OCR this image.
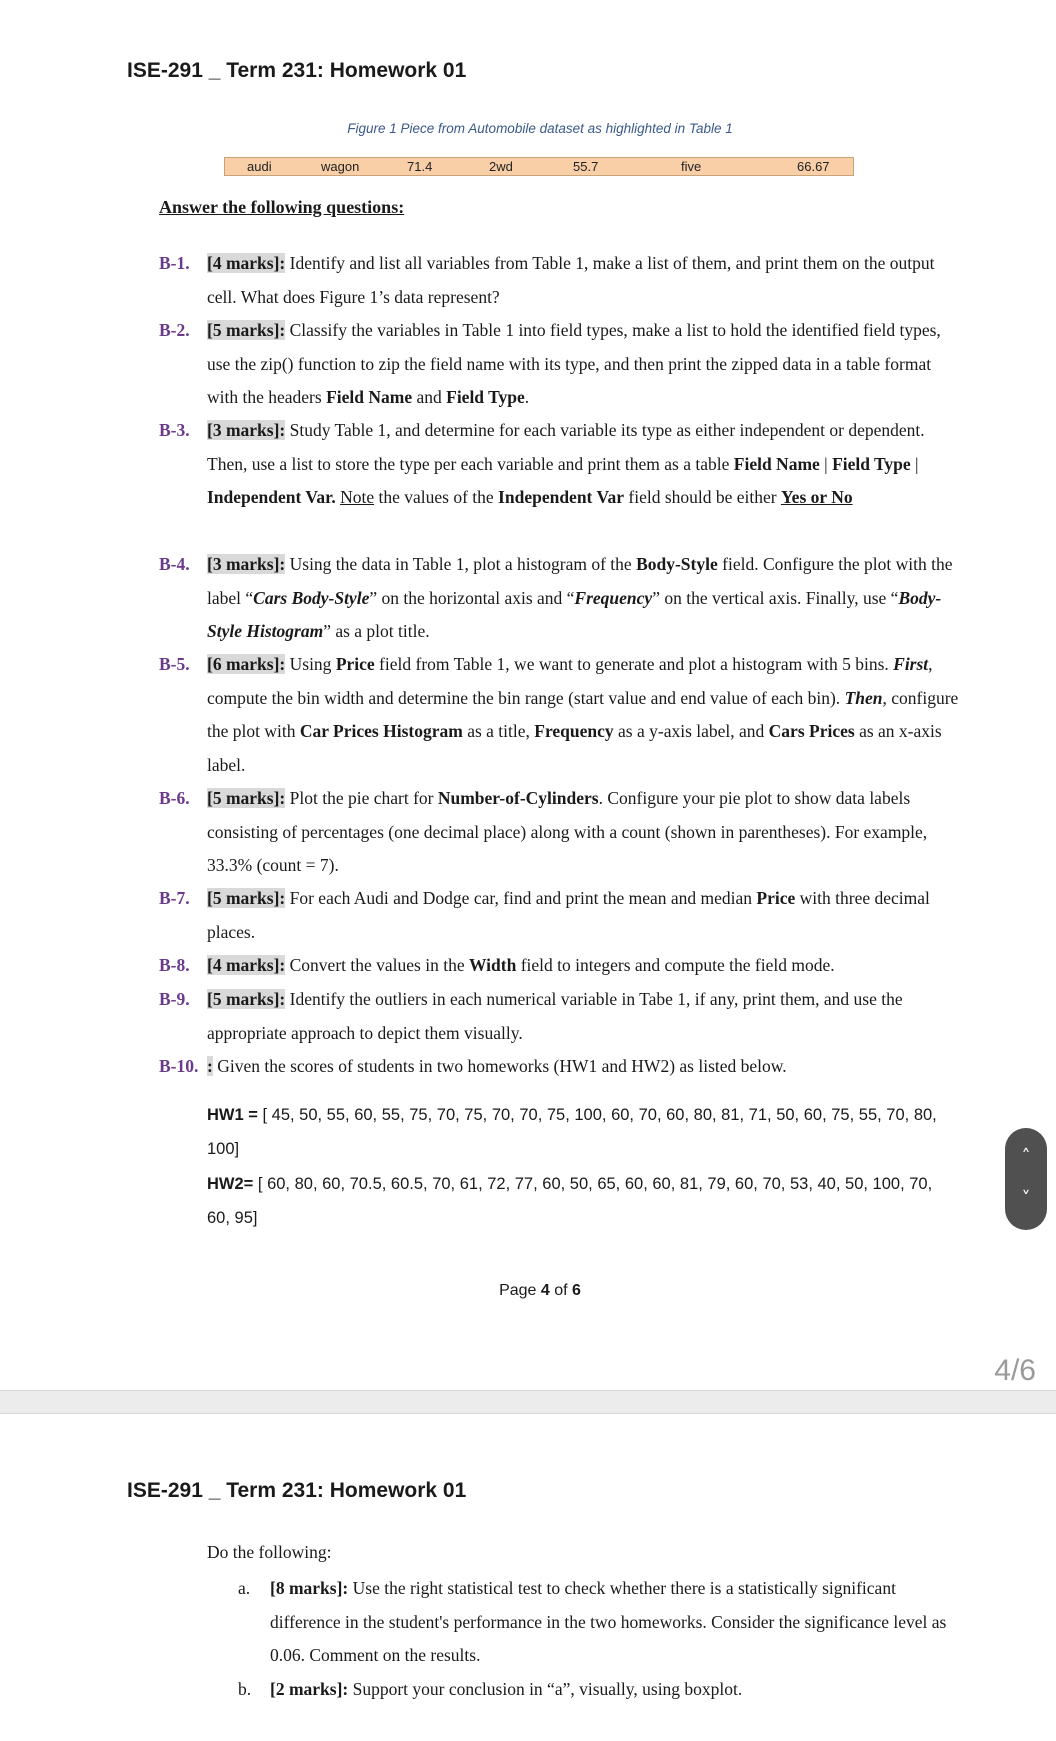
ISE-291 _ Term 231: Homework 01
Figure 1 Piece from Automobile dataset as highlighted in Table 1
audi	wagon	71.4	2wd	55.7	five	66.67
Answer the following questions:
B-1. [4 marks]: Identify and list all variables from Table 1, make a list of them, and print them on the output cell. What does Figure 1’s data represent?
B-2. [5 marks]: Classify the variables in Table 1 into field types, make a list to hold the identified field types, use the zip() function to zip the field name with its type, and then print the zipped data in a table format with the headers Field Name and Field Type.
B-3. [3 marks]: Study Table 1, and determine for each variable its type as either independent or dependent. Then, use a list to store the type per each variable and print them as a table Field Name | Field Type | Independent Var. Note the values of the Independent Var field should be either Yes or No
B-4. [3 marks]: Using the data in Table 1, plot a histogram of the Body-Style field. Configure the plot with the label “Cars Body-Style” on the horizontal axis and “Frequency” on the vertical axis. Finally, use “Body-Style Histogram” as a plot title.
B-5. [6 marks]: Using Price field from Table 1, we want to generate and plot a histogram with 5 bins. First, compute the bin width and determine the bin range (start value and end value of each bin). Then, configure the plot with Car Prices Histogram as a title, Frequency as a y-axis label, and Cars Prices as an x-axis label.
B-6. [5 marks]: Plot the pie chart for Number-of-Cylinders. Configure your pie plot to show data labels consisting of percentages (one decimal place) along with a count (shown in parentheses). For example, 33.3% (count = 7).
B-7. [5 marks]: For each Audi and Dodge car, find and print the mean and median Price with three decimal places.
B-8. [4 marks]: Convert the values in the Width field to integers and compute the field mode.
B-9. [5 marks]: Identify the outliers in each numerical variable in Tabe 1, if any, print them, and use the appropriate approach to depict them visually.
B-10. : Given the scores of students in two homeworks (HW1 and HW2) as listed below.
HW1 = [ 45, 50, 55, 60, 55, 75, 70, 75, 70, 70, 75, 100, 60, 70, 60, 80, 81, 71, 50, 60, 75, 55, 70, 80, 100]
HW2= [ 60, 80, 60, 70.5, 60.5, 70, 61, 72, 77, 60, 50, 65, 60, 60, 81, 79, 60, 70, 53, 40, 50, 100, 70, 60, 95]
Page 4 of 6
4/6
˄
˅
ISE-291 _ Term 231: Homework 01
Do the following:
a. [8 marks]: Use the right statistical test to check whether there is a statistically significant difference in the student's performance in the two homeworks. Consider the significance level as 0.06. Comment on the results.
b. [2 marks]: Support your conclusion in “a”, visually, using boxplot.
